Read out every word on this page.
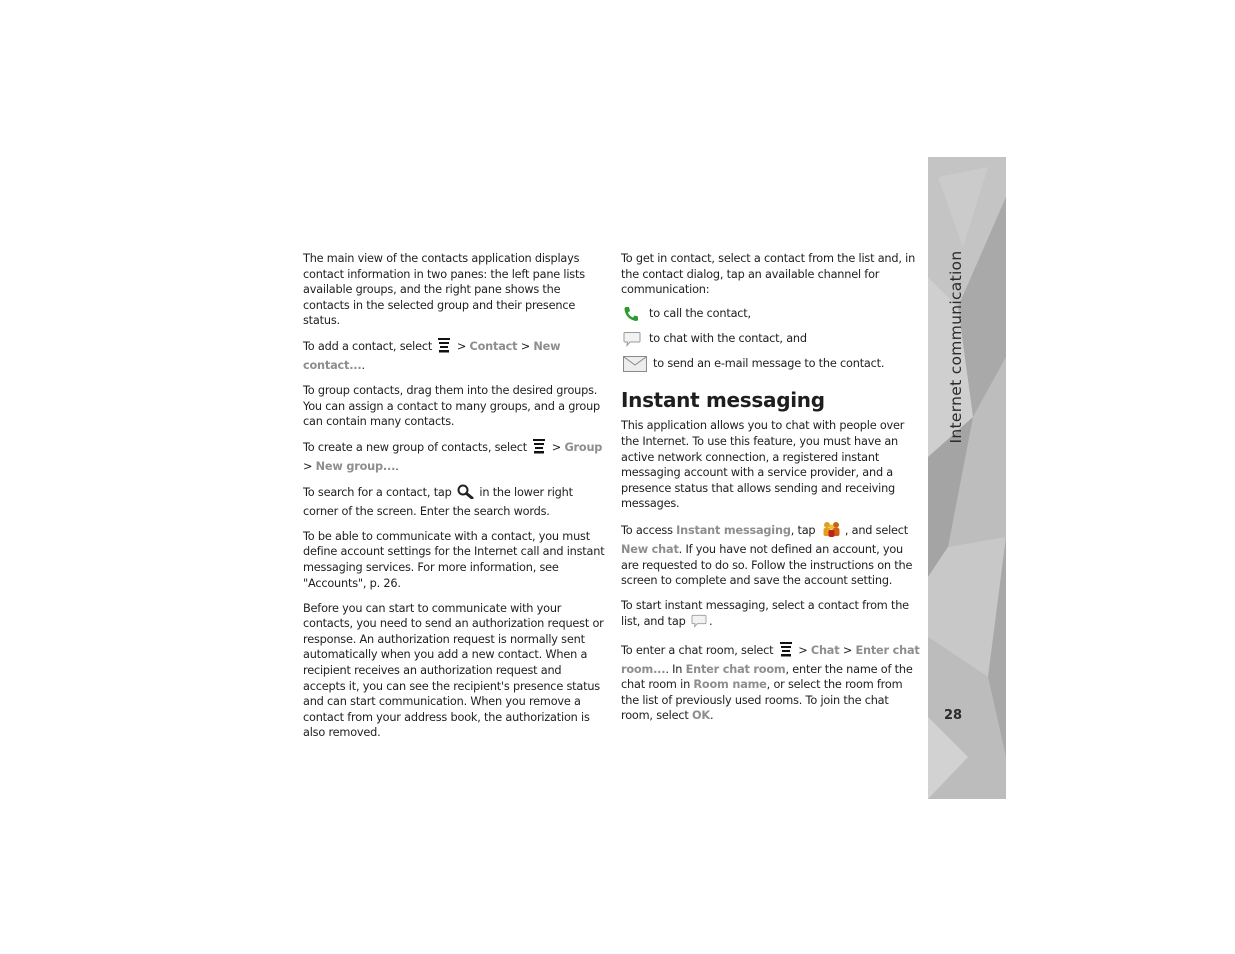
The main view of the contacts application displays contact information in two panes: the left pane lists available groups, and the right pane shows the contacts in the selected group and their presence status.

To add a contact, select  > Contact > New contact....

To group contacts, drag them into the desired groups. You can assign a contact to many groups, and a group can contain many contacts.

To create a new group of contacts, select  > Group > New group....

To search for a contact, tap  in the lower right corner of the screen. Enter the search words.

To be able to communicate with a contact, you must define account settings for the Internet call and instant messaging services. For more information, see "Accounts", p. 26.

Before you can start to communicate with your contacts, you need to send an authorization request or response. An authorization request is normally sent automatically when you add a new contact. When a recipient receives an authorization request and accepts it, you can see the recipient's presence status and can start communication. When you remove a contact from your address book, the authorization is also removed.

To get in contact, select a contact from the list and, in the contact dialog, tap an available channel for communication:

to call the contact,
to chat with the contact, and
to send an e-mail message to the contact.
Instant messaging

This application allows you to chat with people over the Internet. To use this feature, you must have an active network connection, a registered instant messaging account with a service provider, and a presence status that allows sending and receiving messages.

To access Instant messaging, tap , and select New chat. If you have not defined an account, you are requested to do so. Follow the instructions on the screen to complete and save the account setting.

To start instant messaging, select a contact from the list, and tap .

To enter a chat room, select  > Chat > Enter chat room.... In Enter chat room, enter the name of the chat room in Room name, or select the room from the list of previously used rooms. To join the chat room, select OK.

Internet communication
28
